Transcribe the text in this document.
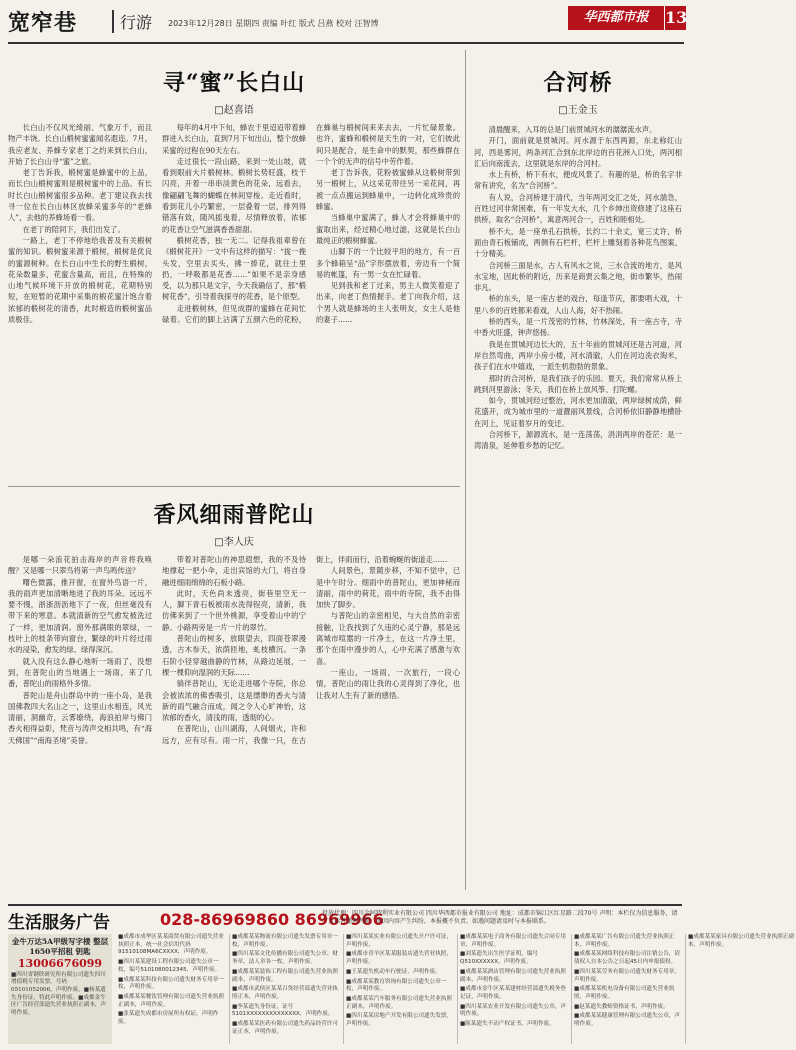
宽窄巷	行游 2023年12月28日 星期四 责编 叶红 版式 吕燕 校对 汪智博	华西都市报	13
寻“蜜”长白山
□赵喜语

长白山不仅风光绮丽、气象万千，而且物产丰饶。长白山椴树蜜蜜闻名遐迩。7月，我应老友、养蜂专家老丁之约来到长白山，开始了长白山寻“蜜”之旅。

老丁告诉我，椴树蜜是蜂蜜中的上品，而长白山椴树蜜则是椴树蜜中的上品。有长时长白山椴树蜜很多品种。老丁建议我去找寻一位在长白山林区放蜂采蜜多年的“老蜂人”，去他的养蜂场看一看。

在老丁的陪同下，我们出发了。

一路上，老丁不停地给我普及有关椴树蜜的知识。椴树蜜来源于椴树，椴树是优良的蜜源树种。在长白山中生长的野生椴树，花朵数量多，花蜜含量高，而且，在特殊的山地气候环境下开放的椴树花，花期特别短，在短暂的花期中采集的椴花蜜汁饱含着浓郁的椴树花的清香，此时椴造的椴树蜜品质极佳。

每年的4月中下旬，蜂农千里迢迢带着蜂群进入长白山，直到7月下旬出山，整个放蜂采蜜的过程在90天左右。

走过很长一段山路，来到一处山坡，就看到眼前大片椴树林。椴树长势旺盛，枝干闪亮，开着一串串淡黄色的花朵，远看去，像翩翩飞舞的蝴蝶在林间穿梭。走近看时，看到花儿小巧繁密，一层叠着一层，排列得错落有致，随风摇曳着，尽情释放着，浓郁的花香让空气滋满香香甜甜。

椴树花香，独一无二。记得我祖辈曾在《椴树花开》一文中有这样的描写：“拢一挽头发，空里去买头，拂一捧花，就往土里扔，一呼吸都是花香……”如果不是亲身感受，以为那只是文字，今天我确信了，那“椴树花香”，引导着我探寻的花香，是个原型。

走进椴树林，但见成群的蜜蜂在花间忙碌着。它们的脚上沾满了五颜六色的花粉，在蜂巢与椴树间来来去去，一片忙碌景象。也许，蜜蜂和椴树是天生的一对，它们彼此间只是配合，是生命中的默契，那些蜂群在一个个的无声的信号中劳作着。

老丁告诉我，花粉被蜜蜂从这椴树带到另一椴树上，从这采花带往另一采花间，再被一点点搬运到蜂巢中，一边转化成珍贵的蜂蜜。

当蜂巢中蜜满了，蜂人才会将蜂巢中的蜜取出来，经过精心地过滤，这就是长白山最纯正的椴树蜂蜜。

山脚下的一个比较平坦的地方，有一百多个蜂箱呈“品”字形摆放着，旁边有一个简易的帐篷，有一男一女在忙碌着。

见到我和老丁过来，男主人微笑着迎了出来，向老丁热情握手。老丁向我介绍，这个男人就是蜂场的主人张明友，女主人是他的妻子……

香风细雨普陀山
□李人庆

是哪一朵浪花拍击海岸的声音将我唤醒？又是哪一只翠鸟将第一声鸟鸣传送？

曙色微露，推开窗，在窗外鸟语一片，我的雨声更加清晰地进了我的耳朵。远远不要不慢，浙浙沥沥地下了一夜，但丝毫没有带下来的寒意。本就清新的空气愈发被洗过了一样，更加清润。窗外那满眼的翠绿，一枝叶上的枝条带向窗台，繁绿的叶片经过雨水的浸染，愈发的绿、绿得深沉。

就入没有这么静心地听一场雨了，没想到，在普陀山的当地遇上一场雨，来了几番，普陀山的雨格外多情。

普陀山是舟山群岛中的一座小岛，是我国佛教四大名山之一，这里山水相连，风光清丽，洞幽奇，云雾缭绕，海浪拍岸与佛门香火相得益彰，梵音与涛声交相共鸣，有“海天佛国”“南海圣境”美誉。

带着对普陀山的神思遐想，我的不及待地撑起一把小伞，走出宾馆的大门，将自身融进细雨绵绵的石板小路。

此时，天色尚未透亮，街巷里空无一人，脚下青石板被雨水洗得锃亮，清新，我仿佛来到了一个世外桃源，享受着山中的宁静。小路两旁是一片一片的翠竹。

普陀山的树多，放眼望去，四面苍翠漫透，古木参天，浓荫匝地，虬枝横沉。一条石阶小径穿越曲静的竹林，从路边延展，一棵一棵仰向湿润的天际……

徜徉普陀山，无论走进哪个寺院，你总会被浓浓的佛香吸引，这是缥缈的香火与清新的雨气融合而成，闻之令人心旷神怡，这浓郁的香火，清浅的雨，透彻的心。

在普陀山，山川湖海，人间烟火，许和远方，应有尽有。雨一片，我像一只，在古街上，伴雨而行，沿着蜿蜒的街道走……

人间景色，景随步移，不知不觉中，已是中午时分。细雨中的普陀山，更加神秘而清丽，雨中的荷花，雨中的寺院，我不由得加快了脚步。

与普陀山的亲密相见，与大自然的亲密接触，让我找到了久违的心灵宁静，那是远离城市喧嚣的一片净土，在这一片净土里，那个在雨中漫步的人，心中充满了感激与欢喜。

一座山，一场雨，一次旅行，一段心情，普陀山的雨让我的心灵得到了净化，也让我对人生有了新的感悟。

合河桥
□王金玉

清晨醒来，入耳的总是门前贯城河水的潺潺流水声。

开门，面前就是贯城河。河水源于东西两源，东北称红山河，西是雾河，两条河汇合到东北岸边的百花洲入口处，两河相汇后向南流去，这里就是东岸的合河村。

水上有桥，桥下有水，便成风景了。有趣的是，桥的名字非常有讲究，名为“合河桥”。

有人说，合河桥建于清代，当年两河交汇之处，河水湍急，百姓过河非常困难，有一年发大水，几个乡绅出资修建了这座石拱桥，取名“合河桥”，寓意两河合一，百姓和睦相处。

桥不大，是一座单孔石拱桥，长约二十余丈，宽三丈许，桥面由青石板铺成，两侧有石栏杆，栏杆上雕刻着各种花鸟图案，十分精美。

合河桥三面是水，古人有风水之说，三水合流的地方，是风水宝地，因此桥的附近，历来是商贾云集之地，街市繁华，热闹非凡。

桥的东头，是一座古老的戏台，每逢节庆，都要唱大戏，十里八乡的百姓都来看戏，人山人海，好不热闹。

桥的西头，是一片茂密的竹林，竹林深处，有一座古寺，寺中香火旺盛，钟声悠扬。

我是在贯城河边长大的，五十年前的贯城河还是古河道，河岸自然弯曲，两岸小房小楼，河水清澈，人们在河边洗衣淘米，孩子们在水中嬉戏，一派生机勃勃的景象。

那时的合河桥，是我们孩子的乐园。夏天，我们常常从桥上跳到河里游泳；冬天，我们在桥上放风筝、打陀螺。

如今，贯城河经过整治，河水更加清澈，两岸绿树成荫，鲜花盛开，成为城市里的一道靓丽风景线，合河桥依旧静静地横卧在河上，见证着岁月的变迁。

合河桥下，源源流水，是一连荡荡，涓涓两岸的苍茫：是一湾清泉，延伸着乡愁的记忆。

生活服务广告	028-86969860 86969966
投放代理：四川金阿特利实业有限公司 四川华西都市报业有限公司 地址：成都市锦江区红星路二段70号 声明：本栏仅为信息服务，请广大读者谨慎判断，如因内容产生纠纷，本报概不负责。如遇问题请及时与本报联系。
金牛万达5A甲级写字楼 整层1650平招租 钥匙
13006676099
■四川省钢铁研究所有限公司遗失四川增值税专用发票，号码05101052006，声明作废。■杨某遗失身份证，特此声明作废。■成都金牛区广告经营部遗失营业执照正副本，声明作废。
■成都市成华区某某商贸有限公司遗失营业执照正本，统一社会信用代码91510108MA6CXXXX，声明作废。
■四川某某建设工程有限公司遗失公章一枚，编号5101080012345，声明作废。
■成都某某科技有限公司遗失财务专用章一枚，声明作废。
■成都某某餐饮管理有限公司遗失营业执照正副本，声明作废。
■张某遗失成都市房屋所有权证，声明作废。
■成都某某物流有限公司遗失发票专用章一枚，声明作废。
■四川某某文化传播有限公司遗失公章、财务章、法人章各一枚，声明作废。
■成都某某装饰工程有限公司遗失营业执照副本，声明作废。
■成都市武侯区某某百货经营部遗失营业执照正本，声明作废。
■李某遗失身份证，证号5101XXXXXXXXXXXXXX，声明作废。
■成都某某医药有限公司遗失药品经营许可证正本，声明作废。
■四川某某实业有限公司遗失开户许可证，声明作废。
■成都市青羊区某某服装店遗失营业执照，声明作废。
■王某遗失机动车行驶证，声明作废。
■成都某某教育咨询有限公司遗失公章一枚，声明作废。
■成都某某汽车服务有限公司遗失营业执照正副本，声明作废。
■四川某某房地产开发有限公司遗失发票，声明作废。
■成都某某电子商务有限公司遗失合同专用章，声明作废。
■刘某遗失出生医学证明，编号Q510XXXXXX，声明作废。
■成都某某酒店管理有限公司遗失营业执照副本，声明作废。
■成都市金牛区某某建材经营部遗失税务登记证，声明作废。
■四川某某农业开发有限公司遗失公章，声明作废。
■陈某遗失不动产权证书，声明作废。
■成都某某广告有限公司遗失营业执照正本，声明作废。
■成都某某网络科技有限公司注销公告，请债权人自本公告之日起45日内申报债权。
■四川某某劳务有限公司遗失财务专用章，声明作废。
■成都某某机电设备有限公司遗失营业执照，声明作废。
■赵某遗失教师资格证书，声明作废。
■成都某某健康管理有限公司遗失公章，声明作废。
■成都某某家具有限公司遗失营业执照正副本，声明作废。
